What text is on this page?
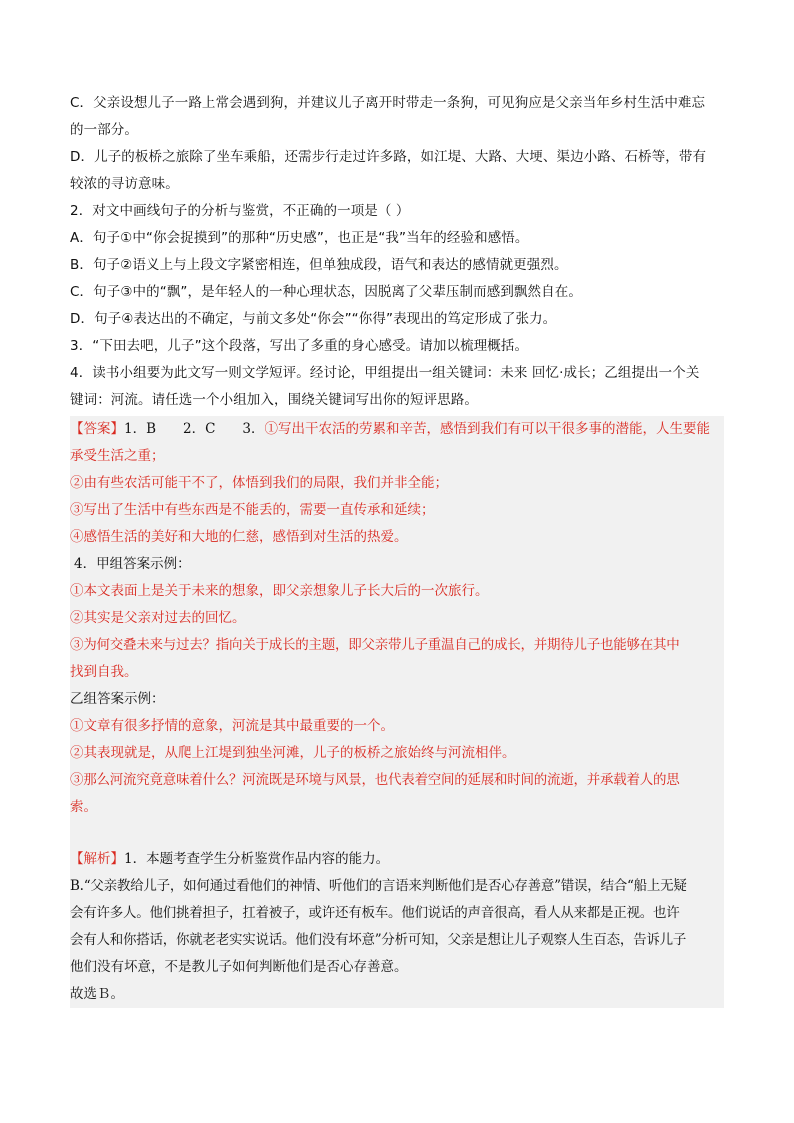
C．父亲设想儿子一路上常会遇到狗，并建议儿子离开时带走一条狗，可见狗应是父亲当年乡村生活中难忘
的一部分。
D．儿子的板桥之旅除了坐车乘船，还需步行走过许多路，如江堤、大路、大埂、渠边小路、石桥等，带有
较浓的寻访意味。
2．对文中画线句子的分析与鉴赏，不正确的一项是（ ）
A．句子①中“你会捉摸到”的那种“历史感”，也正是“我”当年的经验和感悟。
B．句子②语义上与上段文字紧密相连，但单独成段，语气和表达的感情就更强烈。
C．句子③中的“飘”，是年轻人的一种心理状态，因脱离了父辈压制而感到飘然自在。
D．句子④表达出的不确定，与前文多处“你会”“你得”表现出的笃定形成了张力。
3．“下田去吧，儿子”这个段落，写出了多重的身心感受。请加以梳理概括。
4．读书小组要为此文写一则文学短评。经讨论，甲组提出一组关键词：未来 回忆·成长；乙组提出一个关
键词：河流。请任选一个小组加入，围绕关键词写出你的短评思路。
【答案】1．B　　2．C　　3．①写出干农活的劳累和辛苦，感悟到我们有可以干很多事的潜能，人生要能
承受生活之重；
②由有些农活可能干不了，体悟到我们的局限，我们并非全能；
③写出了生活中有些东西是不能丢的，需要一直传承和延续；
④感悟生活的美好和大地的仁慈，感悟到对生活的热爱。
4．甲组答案示例：
①本文表面上是关于未来的想象，即父亲想象儿子长大后的一次旅行。
②其实是父亲对过去的回忆。
③为何交叠未来与过去？指向关于成长的主题，即父亲带儿子重温自己的成长，并期待儿子也能够在其中
找到自我。
乙组答案示例：
①文章有很多抒情的意象，河流是其中最重要的一个。
②其表现就是，从爬上江堤到独坐河滩，儿子的板桥之旅始终与河流相伴。
③那么河流究竟意味着什么？河流既是环境与风景，也代表着空间的延展和时间的流逝，并承载着人的思
索。
【解析】1．本题考查学生分析鉴赏作品内容的能力。
B.“父亲教给儿子，如何通过看他们的神情、听他们的言语来判断他们是否心存善意”错误，结合“船上无疑
会有许多人。他们挑着担子，扛着被子，或许还有板车。他们说话的声音很高，看人从来都是正视。也许
会有人和你搭话，你就老老实实说话。他们没有坏意”分析可知，父亲是想让儿子观察人生百态，告诉儿子
他们没有坏意，不是教儿子如何判断他们是否心存善意。
故选Ｂ。
